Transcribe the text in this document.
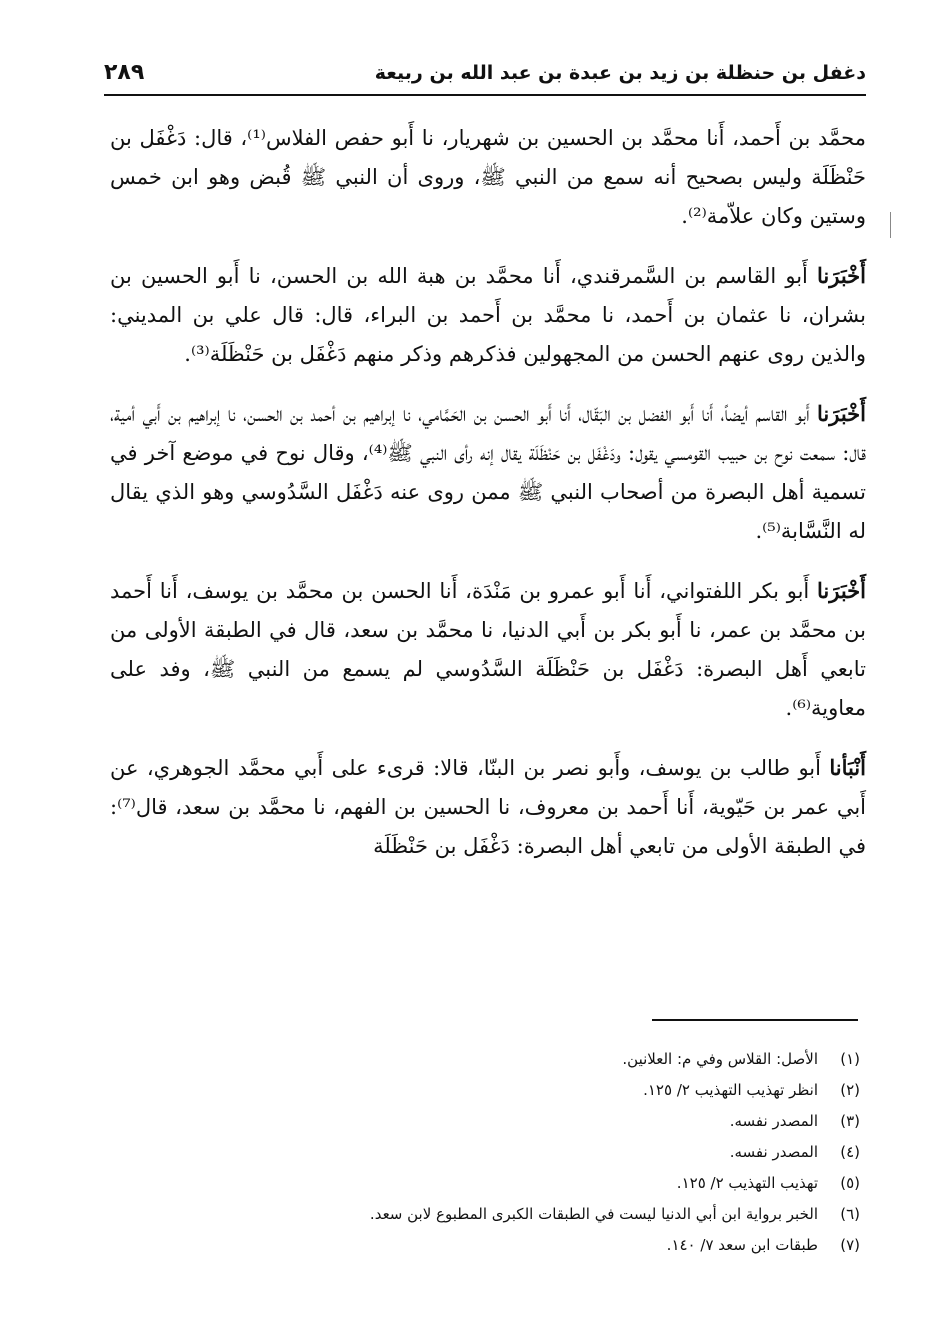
دغفل بن حنظلة بن زيد بن عبدة بن عبد الله بن ربيعة
٢٨٩

محمَّد بن أَحمد، أَنا محمَّد بن الحسين بن شهريار، نا أَبو حفص الفلاس⁽¹⁾، قال: دَغْفَل بن حَنْظَلَة وليس بصحيح أنه سمع من النبي ﷺ، وروى أن النبي ﷺ قُبض وهو ابن خمس وستين وكان علاّمة⁽²⁾.

أَخْبَرَنا أَبو القاسم بن السَّمرقندي، أَنا محمَّد بن هبة الله بن الحسن، نا أَبو الحسين بن بشران، نا عثمان بن أَحمد، نا محمَّد بن أَحمد بن البراء، قال: قال علي بن المديني: والذين روى عنهم الحسن من المجهولين فذكرهم وذكر منهم دَغْفَل بن حَنْظَلَة⁽³⁾.

أَخْبَرَنا أَبو القاسم أيضاً، أَنا أَبو الفضل بن البَقّال، أَنا أَبو الحسن بن الحَمَّامي، نا إبراهيم بن أحمد بن الحسن، نا إبراهيم بن أَبي أمية، قال: سمعت نوح بن حبيب القومسي يقول: ودَغْفَل بن حَنْظَلَة يقال إنه رأى النبي ﷺ⁽⁴⁾، وقال نوح في موضع آخر في تسمية أهل البصرة من أصحاب النبي ﷺ ممن روى عنه دَغْفَل السَّدُوسي وهو الذي يقال له النَّسَّابة⁽⁵⁾.

أَخْبَرَنا أَبو بكر اللفتواني، أَنا أَبو عمرو بن مَنْدَة، أَنا الحسن بن محمَّد بن يوسف، أَنا أَحمد بن محمَّد بن عمر، نا أَبو بكر بن أَبي الدنيا، نا محمَّد بن سعد، قال في الطبقة الأولى من تابعي أَهل البصرة: دَغْفَل بن حَنْظَلَة السَّدُوسي لم يسمع من النبي ﷺ، وفد على معاوية⁽⁶⁾.

أَنْبَأنا أَبو طالب بن يوسف، وأَبو نصر بن البنّا، قالا: قرىء على أَبي محمَّد الجوهري، عن أَبي عمر بن حَيّوية، أَنا أَحمد بن معروف، نا الحسين بن الفهم، نا محمَّد بن سعد، قال⁽⁷⁾: في الطبقة الأولى من تابعي أهل البصرة: دَغْفَل بن حَنْظَلَة

(١)
الأصل: القلاس وفي م: العلانين.
(٢)
انظر تهذيب التهذيب ٢/ ١٢٥.
(٣)
المصدر نفسه.
(٤)
المصدر نفسه.
(٥)
تهذيب التهذيب ٢/ ١٢٥.
(٦)
الخبر برواية ابن أبي الدنيا ليست في الطبقات الكبرى المطبوع لابن سعد.
(٧)
طبقات ابن سعد ٧/ ١٤٠.
